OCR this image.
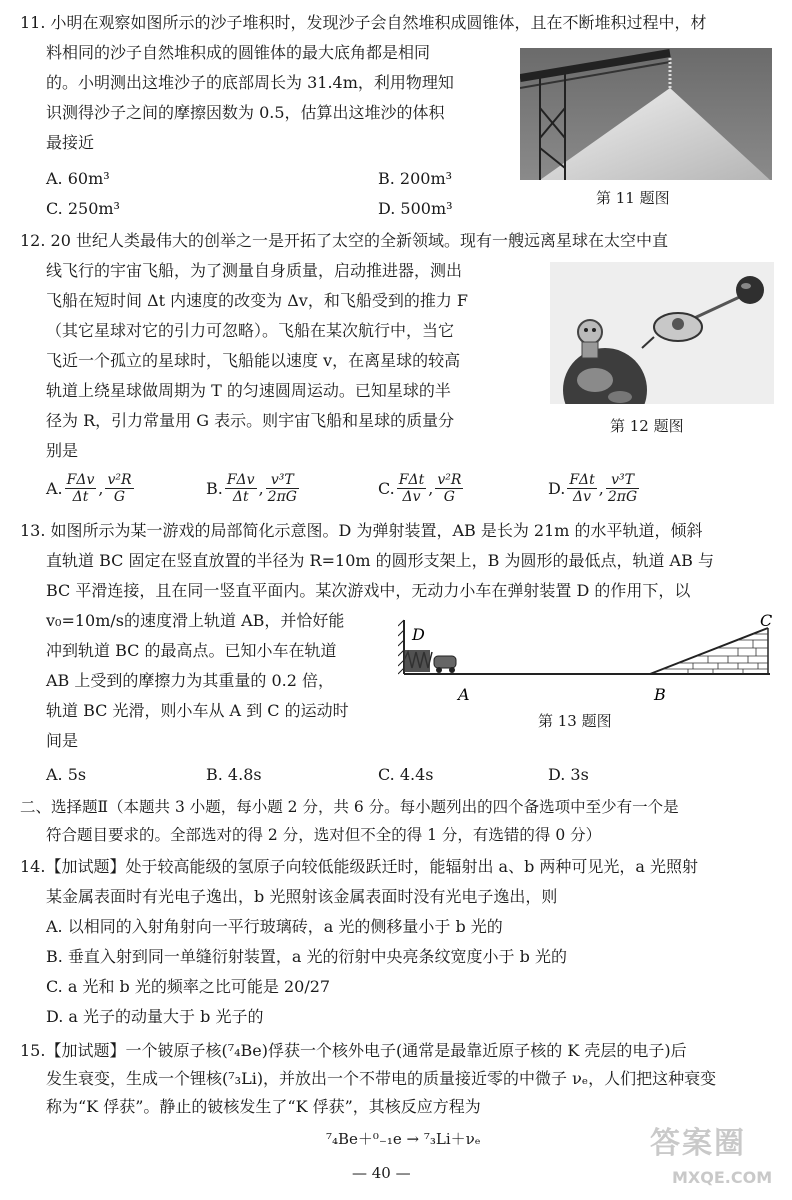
11. 小明在观察如图所示的沙子堆积时，发现沙子会自然堆积成圆锥体，且在不断堆积过程中，材
料相同的沙子自然堆积成的圆锥体的最大底角都是相同
的。小明测出这堆沙子的底部周长为 31.4m，利用物理知
识测得沙子之间的摩擦因数为 0.5，估算出这堆沙的体积
最接近
A. 60m³	B. 200m³
C. 250m³	D. 500m³
第 11 题图
12. 20 世纪人类最伟大的创举之一是开拓了太空的全新领域。现有一艘远离星球在太空中直
线飞行的宇宙飞船，为了测量自身质量，启动推进器，测出
飞船在短时间 Δt 内速度的改变为 Δv，和飞船受到的推力 F
（其它星球对它的引力可忽略）。飞船在某次航行中，当它
飞近一个孤立的星球时，飞船能以速度 v，在离星球的较高
轨道上绕星球做周期为 T 的匀速圆周运动。已知星球的半
径为 R，引力常量用 G 表示。则宇宙飞船和星球的质量分
别是
第 12 题图
A. $\frac{\text{FΔv}}{\Delta t}$ , $\frac{\text{v²R}}{G}$	B. $\frac{\text{FΔv}}{\Delta t}$ , $\frac{\text{v³T}}{2\pi G}$	C. $\frac{\text{FΔt}}{\Delta v}$ , $\frac{\text{v²R}}{G}$	D. $\frac{\text{FΔt}}{\Delta v}$ , $\frac{\text{v³T}}{2\pi G}$
13. 如图所示为某一游戏的局部简化示意图。D 为弹射装置，AB 是长为 21m 的水平轨道，倾斜
直轨道 BC 固定在竖直放置的半径为 R=10m 的圆形支架上，B 为圆形的最低点，轨道 AB 与
BC 平滑连接，且在同一竖直平面内。某次游戏中，无动力小车在弹射装置 D 的作用下，以
v₀=10m/s的速度滑上轨道 AB，并恰好能
冲到轨道 BC 的最高点。已知小车在轨道
AB 上受到的摩擦力为其重量的 0.2 倍，
轨道 BC 光滑，则小车从 A 到 C 的运动时
间是
D
A	B
C
第 13 题图
A. 5s	B. 4.8s	C. 4.4s	D. 3s
二、选择题Ⅱ（本题共 3 小题，每小题 2 分，共 6 分。每小题列出的四个备选项中至少有一个是
符合题目要求的。全部选对的得 2 分，选对但不全的得 1 分，有选错的得 0 分）
14.【加试题】处于较高能级的氢原子向较低能级跃迁时，能辐射出 a、b 两种可见光，a 光照射
某金属表面时有光电子逸出，b 光照射该金属表面时没有光电子逸出，则
A. 以相同的入射角射向一平行玻璃砖，a 光的侧移量小于 b 光的
B. 垂直入射到同一单缝衍射装置，a 光的衍射中央亮条纹宽度小于 b 光的
C. a 光和 b 光的频率之比可能是 20/27
D. a 光子的动量大于 b 光子的
15.【加试题】一个铍原子核(⁷₄Be)俘获一个核外电子(通常是最靠近原子核的 K 壳层的电子)后
发生衰变，生成一个锂核(⁷₃Li)，并放出一个不带电的质量接近零的中微子 νₑ，人们把这种衰变
称为“K 俘获”。静止的铍核发生了“K 俘获”，其核反应方程为
⁷₄Be＋⁰₋₁e → ⁷₃Li＋νₑ
— 40 —
答案圈
MXQE.COM
